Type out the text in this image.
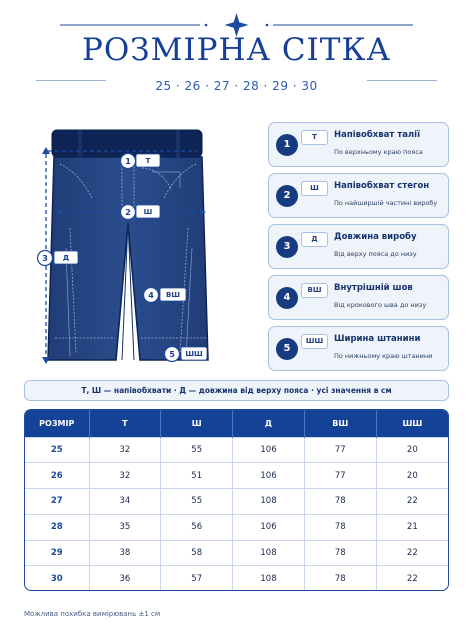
РОЗМІРНА СІТКА
25 · 26 · 27 · 28 · 29 · 30
1 Т
2 Ш
3 Д
4 ВШ
5 ШШ
1
Т	Напівобхват талії
По верхньому краю пояса
2
Ш	Напівобхват стегон
По найширшій частині виробу
3
Д	Довжина виробу
Від верху пояса до низу
4
ВШ	Внутрішній шов
Від крокового шва до низу
5
ШШ	Ширина штанини
По нижньому краю штанини
Т, Ш — напівобхвати · Д — довжина від верху пояса · усі значення в см
РОЗМІР	Т	Ш	Д	ВШ	ШШ
25	32	55	106	77	20
26	32	51	106	77	20
27	34	55	108	78	22
28	35	56	106	78	21
29	38	58	108	78	22
30	36	57	108	78	22
Можлива похибка вимірювань ±1 см
